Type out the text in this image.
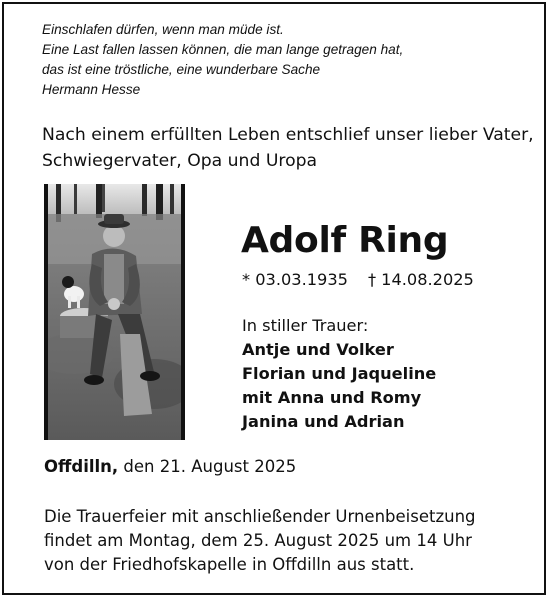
Einschlafen dürfen, wenn man müde ist.
Eine Last fallen lassen können, die man lange getragen hat,
das ist eine tröstliche, eine wunderbare Sache
Hermann Hesse
Nach einem erfüllten Leben entschlief unser lieber Vater,
Schwiegervater, Opa und Uropa
Adolf Ring
* 03.03.1935 † 14.08.2025
In stiller Trauer:
Antje und Volker
Florian und Jaqueline
mit Anna und Romy
Janina und Adrian
Offdilln, den 21. August 2025
Die Trauerfeier mit anschließender Urnenbeisetzung
findet am Montag, dem 25. August 2025 um 14 Uhr
von der Friedhofskapelle in Offdilln aus statt.
